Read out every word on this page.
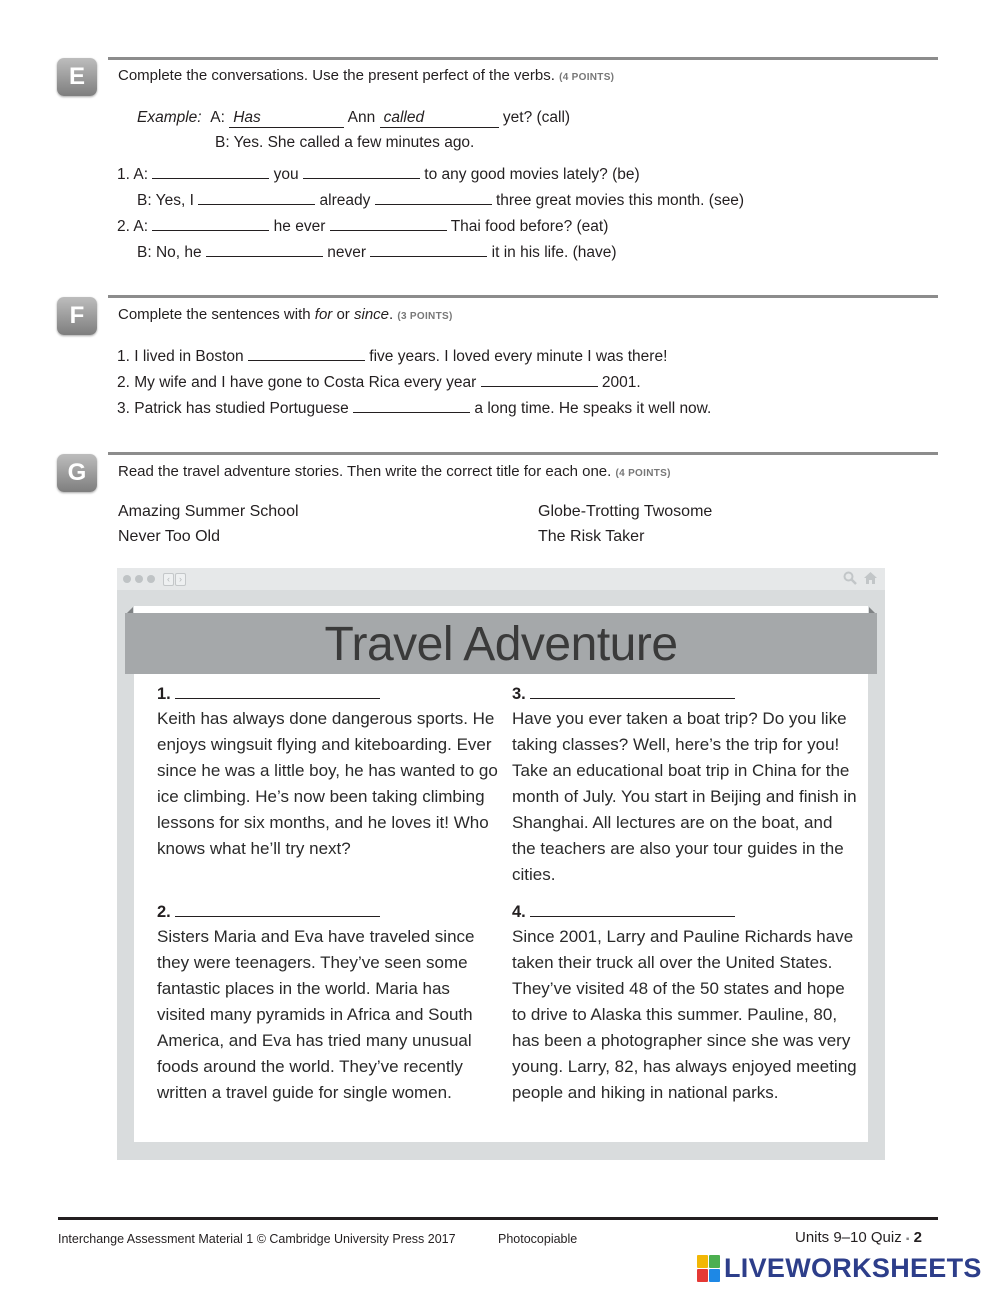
E	Complete the conversations. Use the present perfect of the verbs. (4 POINTS)
Example: A: Has	Ann called	yet? (call)
B: Yes. She called a few minutes ago.
1. A:	you	to any good movies lately? (be)
B: Yes, I	already	three great movies this month. (see)
2. A:	he ever	Thai food before? (eat)
B: No, he	never	it in his life. (have)
F	Complete the sentences with for or since. (3 POINTS)
1. I lived in Boston	five years. I loved every minute I was there!
2. My wife and I have gone to Costa Rica every year	2001.
3. Patrick has studied Portuguese	a long time. He speaks it well now.
G	Read the travel adventure stories. Then write the correct title for each one. (4 POINTS)
Amazing Summer School	Globe-Trotting Twosome
Never Too Old	The Risk Taker
‹	›
Travel Adventure
1.
Keith has always done dangerous sports. He enjoys wingsuit flying and kiteboarding. Ever since he was a little boy, he has wanted to go ice climbing. He’s now been taking climbing lessons for six months, and he loves it! Who knows what he’ll try next?
2.
Sisters Maria and Eva have traveled since they were teenagers. They’ve seen some fantastic places in the world. Maria has visited many pyramids in Africa and South America, and Eva has tried many unusual foods around the world. They’ve recently written a travel guide for single women.
3.
Have you ever taken a boat trip? Do you like taking classes? Well, here’s the trip for you! Take an educational boat trip in China for the month of July. You start in Beijing and finish in Shanghai. All lectures are on the boat, and the teachers are also your tour guides in the cities.
4.
Since 2001, Larry and Pauline Richards have taken their truck all over the United States. They’ve visited 48 of the 50 states and hope to drive to Alaska this summer. Pauline, 80, has been a photographer since she was very young. Larry, 82, has always enjoyed meeting people and hiking in national parks.
Interchange Assessment Material 1 © Cambridge University Press 2017	Photocopiable	Units 9–10 Quiz ▪ 2
LIVEWORKSHEETS
